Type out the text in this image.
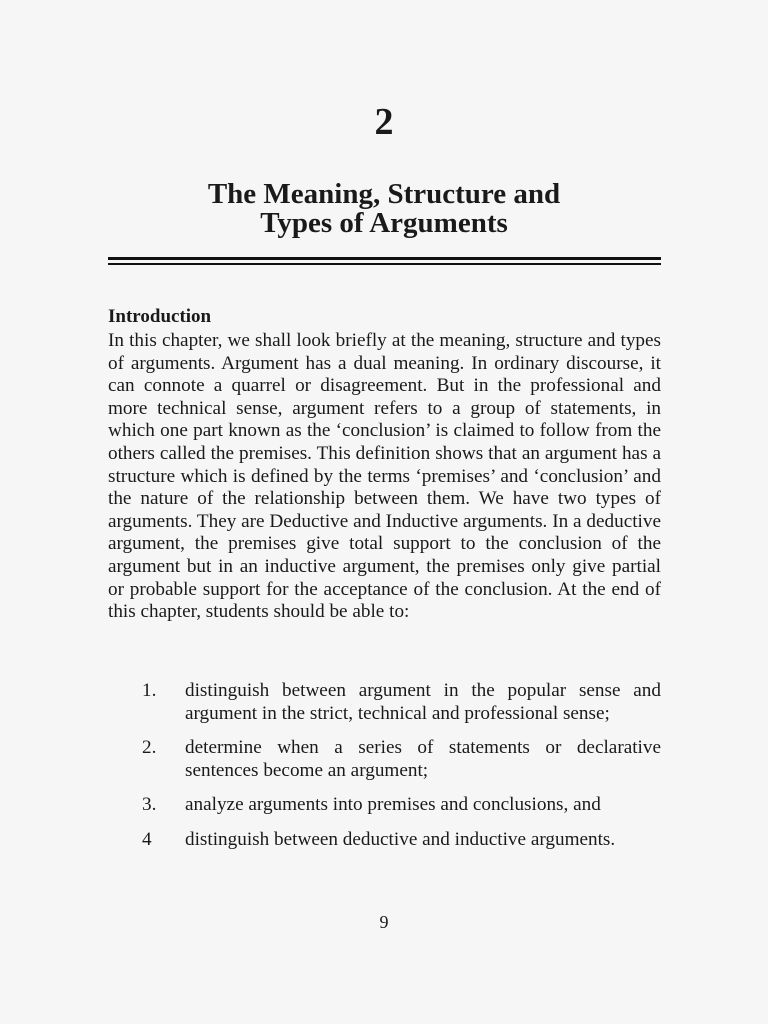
2
The Meaning, Structure and
Types of Arguments
Introduction
In this chapter, we shall look briefly at the meaning, structure and types of arguments. Argument has a dual meaning. In ordinary discourse, it can connote a quarrel or disagreement. But in the professional and more technical sense, argument refers to a group of statements, in which one part known as the ‘conclusion’ is claimed to follow from the others called the premises. This definition shows that an argument has a structure which is defined by the terms ‘premises’ and ‘conclusion’ and the nature of the relationship between them. We have two types of arguments. They are Deductive and Inductive arguments. In a deductive argument, the premises give total support to the conclusion of the argument but in an inductive argument, the premises only give partial or probable support for the acceptance of the conclusion. At the end of this chapter, students should be able to:
1. distinguish between argument in the popular sense and argument in the strict, technical and professional sense;
2. determine when a series of statements or declarative sentences become an argument;
3. analyze arguments into premises and conclusions, and
4 distinguish between deductive and inductive arguments.
9
